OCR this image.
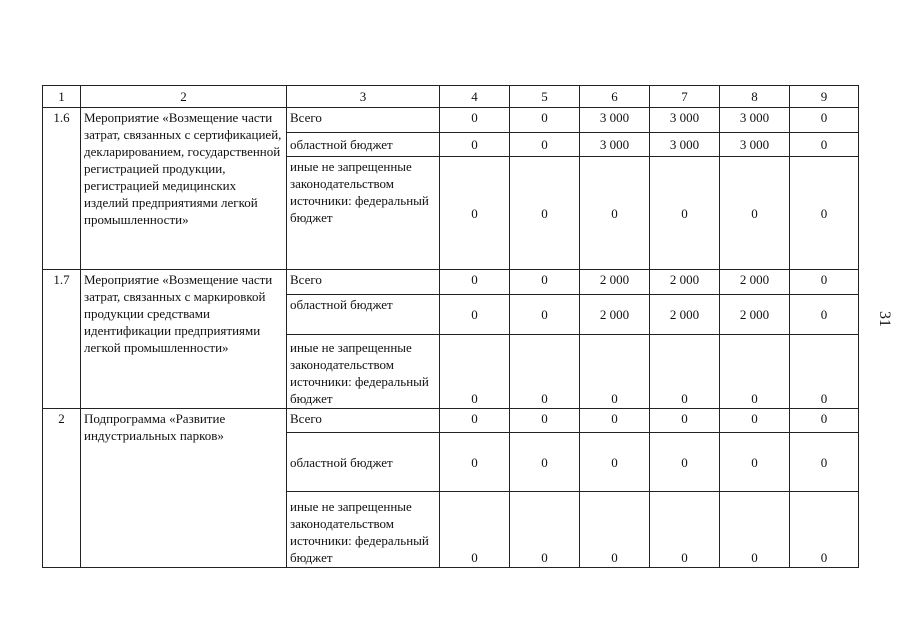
1	2	3	4	5	6	7	8	9
1.6	Мероприятие «Возмещение части затрат, связанных с сертификацией, декларированием, государственной регистрацией продукции, регистрацией медицинских изделий предприятиями легкой промышленности»	Всего	0	0	3 000	3 000	3 000	0
		областной бюджет	0	0	3 000	3 000	3 000	0
		иные не запрещенные законодательством источники: федеральный бюджет	0	0	0	0	0	0
1.7	Мероприятие «Возмещение части затрат, связанных с маркировкой продукции средствами идентификации предприятиями легкой промышленности»	Всего	0	0	2 000	2 000	2 000	0
		областной бюджет	0	0	2 000	2 000	2 000	0
		иные не запрещенные законодательством источники: федеральный бюджет	0	0	0	0	0	0
2	Подпрограмма «Развитие индустриальных парков»	Всего	0	0	0	0	0	0
		областной бюджет	0	0	0	0	0	0
		иные не запрещенные законодательством источники: федеральный бюджет	0	0	0	0	0	0
31
